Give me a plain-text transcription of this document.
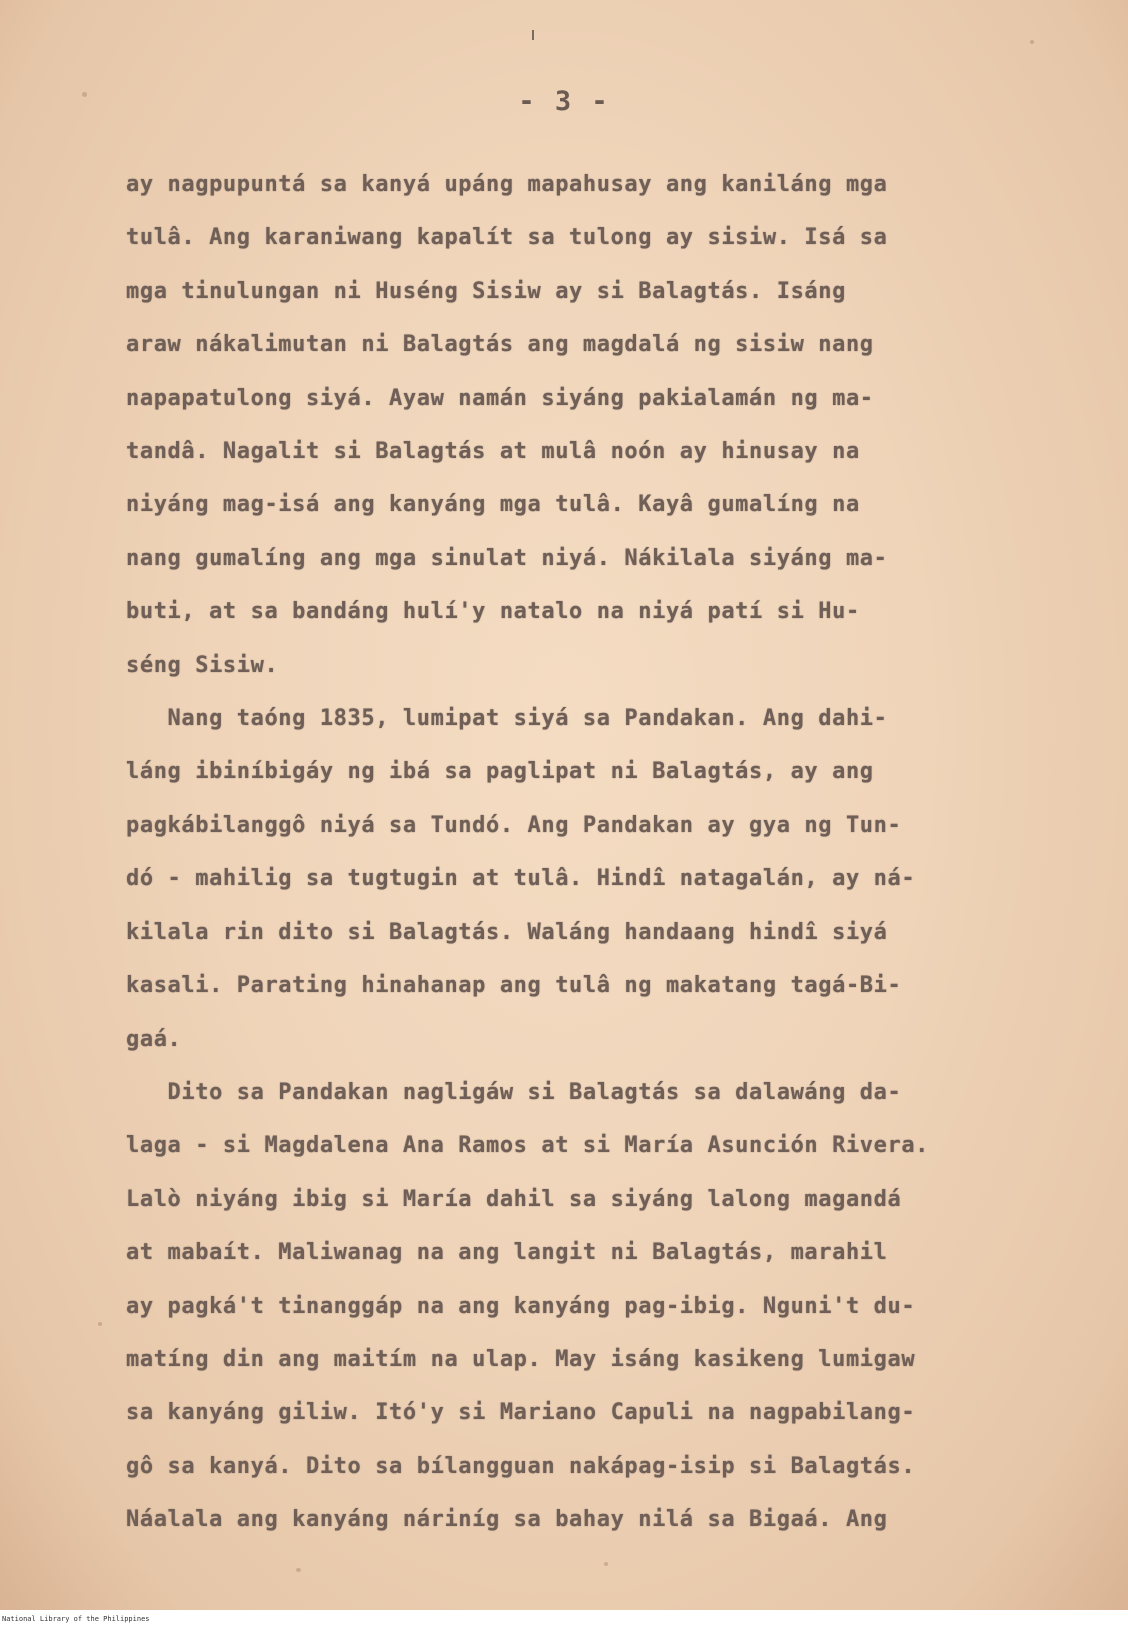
- 3 -
ay nagpupuntá sa kanyá upáng mapahusay ang kaniláng mga
tulâ. Ang karaniwang kapalít sa tulong ay sisiw. Isá sa
mga tinulungan ni Huséng Sisiw ay si Balagtás. Isáng
araw nákalimutan ni Balagtás ang magdalá ng sisiw nang
napapatulong siyá. Ayaw namán siyáng pakialamán ng ma-
tandâ. Nagalit si Balagtás at mulâ noón ay hinusay na
niyáng mag-isá ang kanyáng mga tulâ. Kayâ gumalíng na
nang gumalíng ang mga sinulat niyá. Nákilala siyáng ma-
buti, at sa bandáng hulí'y natalo na niyá patí si Hu-
séng Sisiw.
Nang taóng 1835, lumipat siyá sa Pandakan. Ang dahi-
láng ibiníbigáy ng ibá sa paglipat ni Balagtás, ay ang
pagkábilanggô niyá sa Tundó. Ang Pandakan ay gya ng Tun-
dó - mahilig sa tugtugin at tulâ. Hindî natagalán, ay ná-
kilala rin dito si Balagtás. Waláng handaang hindî siyá
kasali. Parating hinahanap ang tulâ ng makatang tagá-Bi-
gaá.
Dito sa Pandakan nagligáw si Balagtás sa dalawáng da-
laga - si Magdalena Ana Ramos at si María Asunción Rivera.
Lalò niyáng ibig si María dahil sa siyáng lalong magandá
at mabaít. Maliwanag na ang langit ni Balagtás, marahil
ay pagká't tinanggáp na ang kanyáng pag-ibig. Nguni't du-
matíng din ang maitím na ulap. May isáng kasikeng lumigaw
sa kanyáng giliw. Itó'y si Mariano Capuli na nagpabilang-
gô sa kanyá. Dito sa bílangguan nakápag-isip si Balagtás.
Náalala ang kanyáng náriníg sa bahay nilá sa Bigaá. Ang
National Library of the Philippines
